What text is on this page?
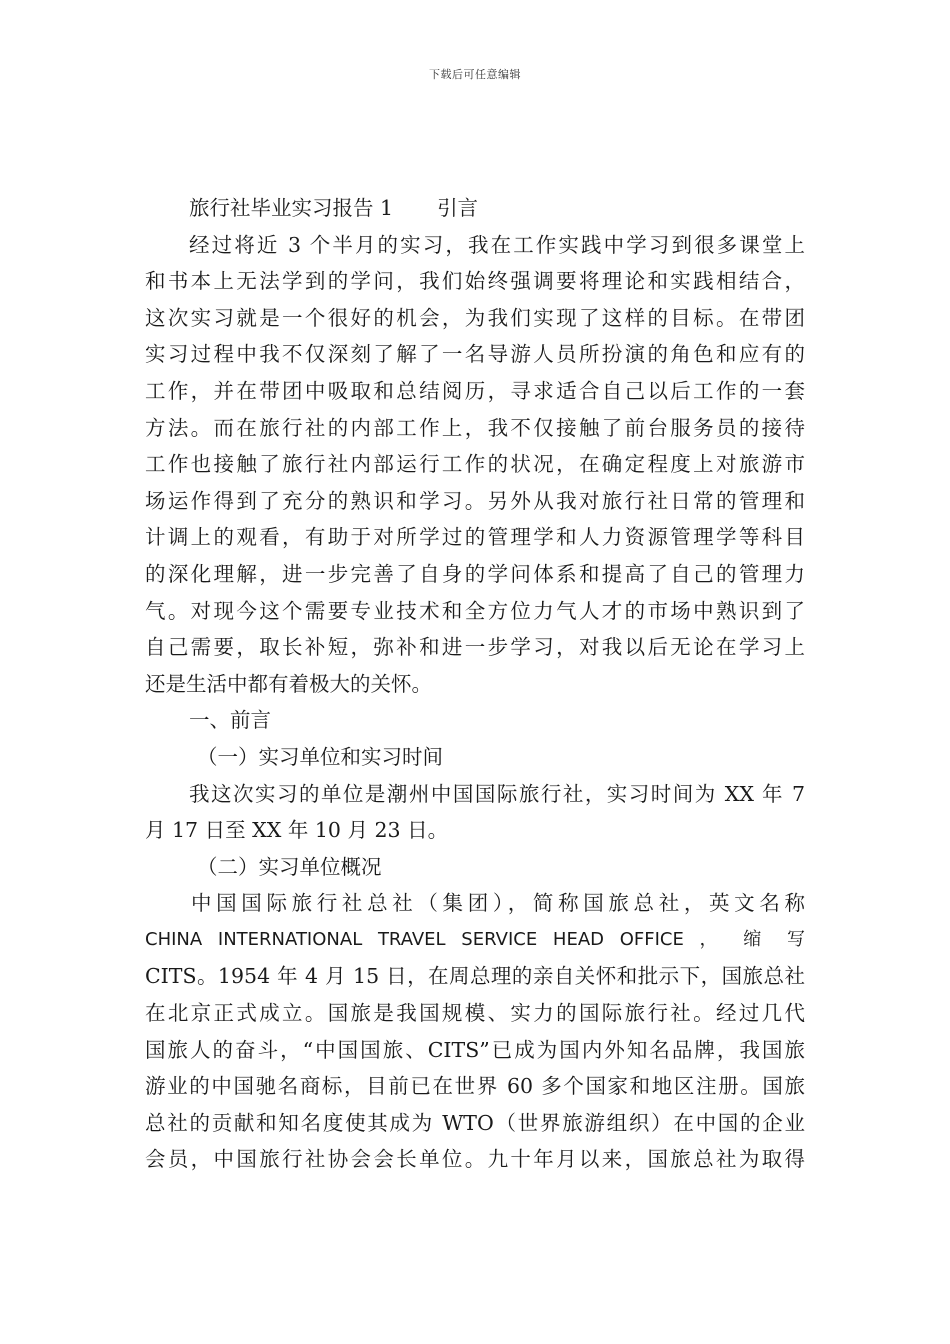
下载后可任意编辑
旅行社毕业实习报告 1 引言
经过将近 3 个半月的实习，我在工作实践中学习到很多课堂上
和书本上无法学到的学问，我们始终强调要将理论和实践相结合，
这次实习就是一个很好的机会，为我们实现了这样的目标。在带团
实习过程中我不仅深刻了解了一名导游人员所扮演的角色和应有的
工作，并在带团中吸取和总结阅历，寻求适合自己以后工作的一套
方法。而在旅行社的内部工作上，我不仅接触了前台服务员的接待
工作也接触了旅行社内部运行工作的状况，在确定程度上对旅游市
场运作得到了充分的熟识和学习。另外从我对旅行社日常的管理和
计调上的观看，有助于对所学过的管理学和人力资源管理学等科目
的深化理解，进一步完善了自身的学问体系和提高了自己的管理力
气。对现今这个需要专业技术和全方位力气人才的市场中熟识到了
自己需要，取长补短，弥补和进一步学习，对我以后无论在学习上
还是生活中都有着极大的关怀。
一、前言
（一）实习单位和实习时间
我这次实习的单位是潮州中国国际旅行社，实习时间为 XX 年 7
月 17 日至 XX 年 10 月 23 日。
（二）实习单位概况
中国国际旅行社总社（集团），简称国旅总社，英文名称
CHINA INTERNATIONAL TRAVEL SERVICE HEAD OFFICE ， 缩 写
CITS。1954 年 4 月 15 日，在周总理的亲自关怀和批示下，国旅总社
在北京正式成立。国旅是我国规模、实力的国际旅行社。经过几代
国旅人的奋斗，“中国国旅、CITS”已成为国内外知名品牌，我国旅
游业的中国驰名商标，目前已在世界 60 多个国家和地区注册。国旅
总社的贡献和知名度使其成为 WTO（世界旅游组织）在中国的企业
会员，中国旅行社协会会长单位。九十年月以来，国旅总社为取得
